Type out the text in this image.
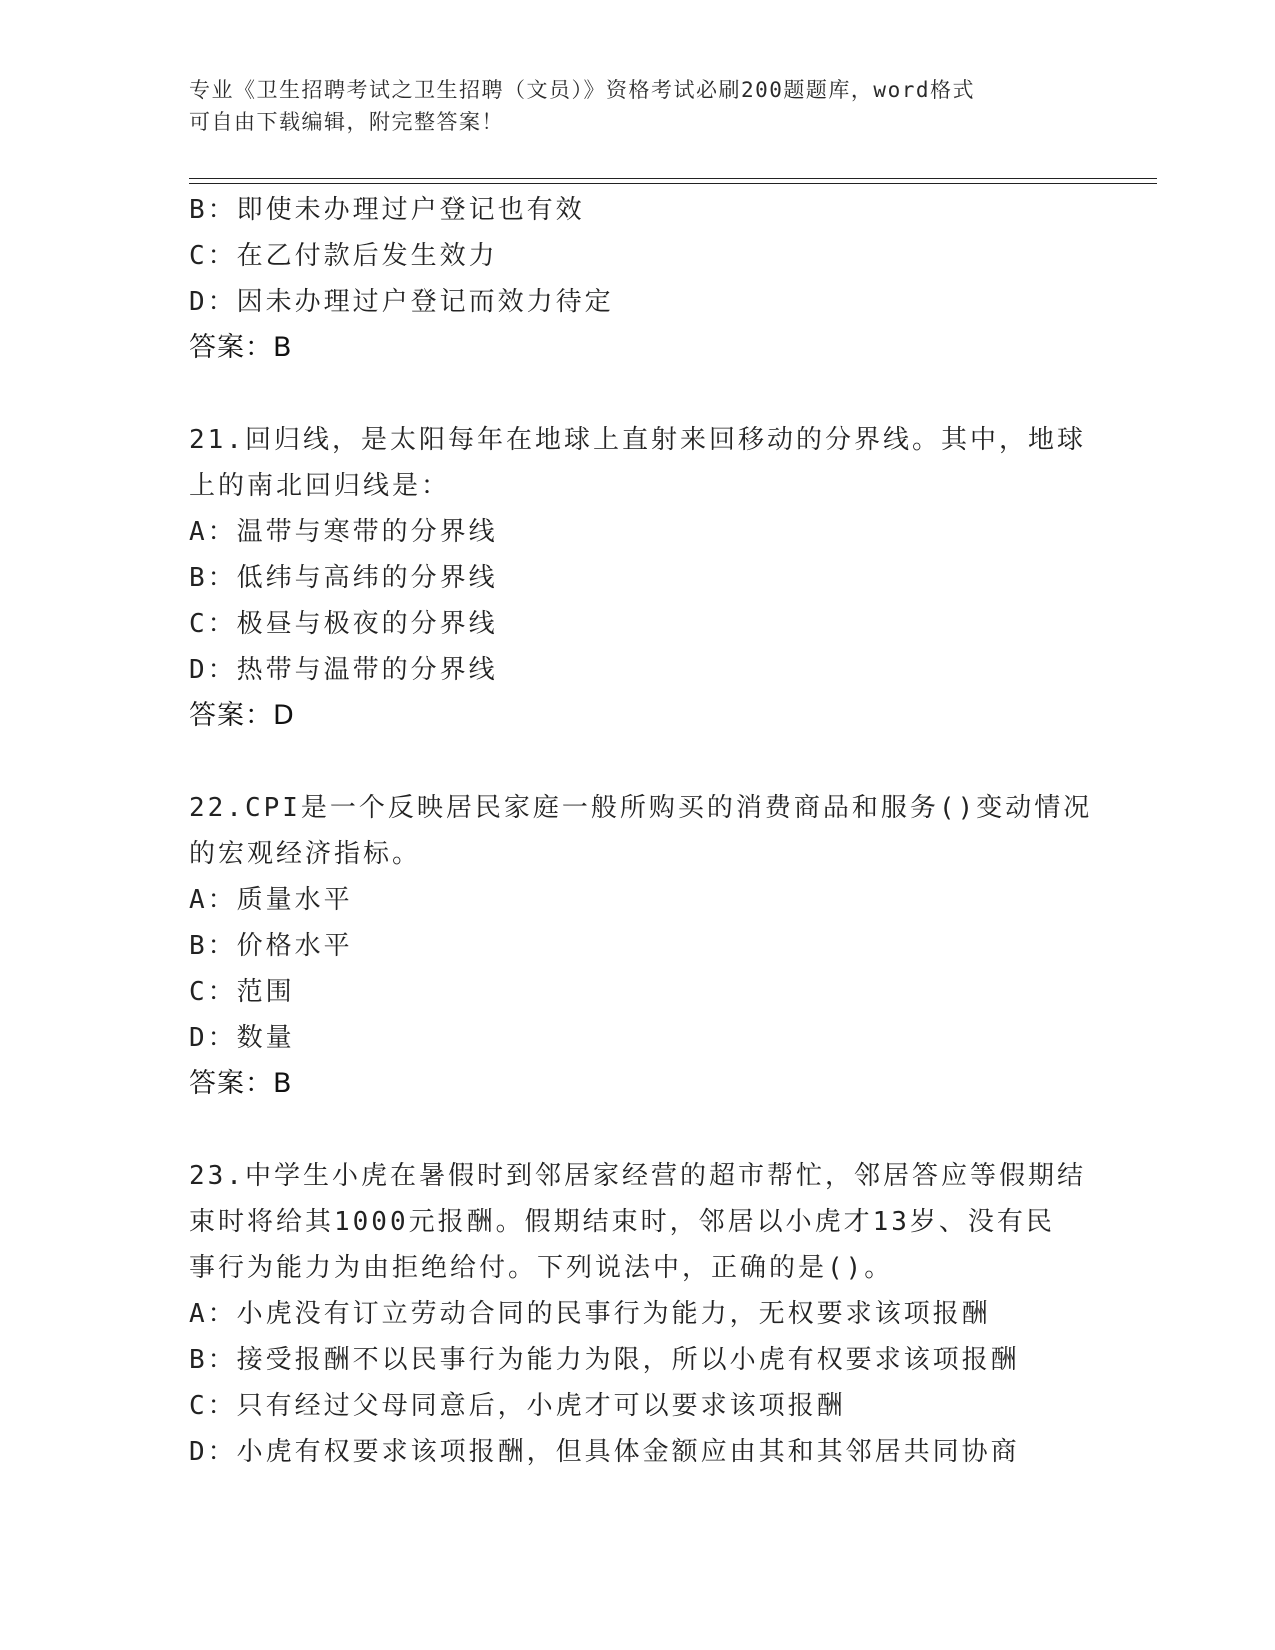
专业《卫生招聘考试之卫生招聘（文员）》资格考试必刷200题题库，word格式
可自由下载编辑，附完整答案！
B：即使未办理过户登记也有效
C：在乙付款后发生效力
D：因未办理过户登记而效力待定
答案：B
21.回归线，是太阳每年在地球上直射来回移动的分界线。其中，地球
上的南北回归线是：
A：温带与寒带的分界线
B：低纬与高纬的分界线
C：极昼与极夜的分界线
D：热带与温带的分界线
答案：D
22.CPI是一个反映居民家庭一般所购买的消费商品和服务()变动情况
的宏观经济指标。
A：质量水平
B：价格水平
C：范围
D：数量
答案：B
23.中学生小虎在暑假时到邻居家经营的超市帮忙，邻居答应等假期结
束时将给其1000元报酬。假期结束时，邻居以小虎才13岁、没有民
事行为能力为由拒绝给付。下列说法中，正确的是()。
A：小虎没有订立劳动合同的民事行为能力，无权要求该项报酬
B：接受报酬不以民事行为能力为限，所以小虎有权要求该项报酬
C：只有经过父母同意后，小虎才可以要求该项报酬
D：小虎有权要求该项报酬，但具体金额应由其和其邻居共同协商
